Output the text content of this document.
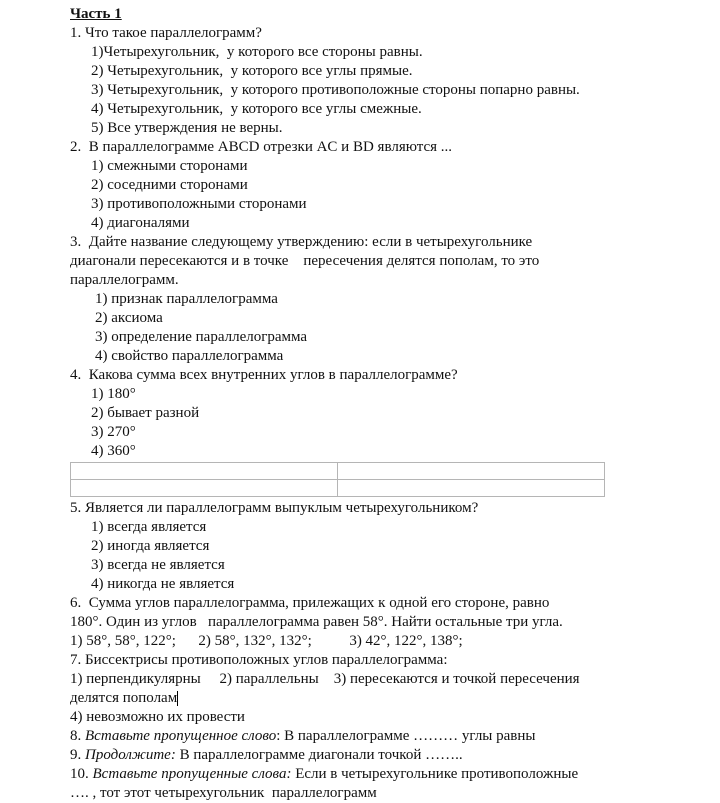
Часть 1
1. Что такое параллелограмм?
1)Четырехугольник,  у которого все стороны равны.
2) Четырехугольник,  у которого все углы прямые.
3) Четырехугольник,  у которого противоположные стороны попарно равны.
4) Четырехугольник,  у которого все углы смежные.
5) Все утверждения не верны.
2.  В параллелограмме ABCD отрезки AC и BD являются ...
1) смежными сторонами
2) соседними сторонами
3) противоположными сторонами
4) диагоналями
3.  Дайте название следующему утверждению: если в четырехугольнике
диагонали пересекаются и в точке    пересечения делятся пополам, то это
параллелограмм.
1) признак параллелограмма
2) аксиома
3) определение параллелограмма
4) свойство параллелограмма
4.  Какова сумма всех внутренних углов в параллелограмме?
1) 180°
2) бывает разной
3) 270°
4) 360°

5. Является ли параллелограмм выпуклым четырехугольником?
1) всегда является
2) иногда является
3) всегда не является
4) никогда не является
6.  Сумма углов параллелограмма, прилежащих к одной его стороне, равно
180°. Один из углов   параллелограмма равен 58°. Найти остальные три угла.
1) 58°, 58°, 122°;      2) 58°, 132°, 132°;          3) 42°, 122°, 138°;
7. Биссектрисы противоположных углов параллелограмма:
1) перпендикулярны     2) параллельны    3) пересекаются и точкой пересечения
делятся пополам
4) невозможно их провести
8. Вставьте пропущенное слово: В параллелограмме ……… углы равны
9. Продолжите: В параллелограмме диагонали точкой ……..
10. Вставьте пропущенные слова: Если в четырехугольнике противоположные
…. , тот этот четырехугольник  параллелограмм
